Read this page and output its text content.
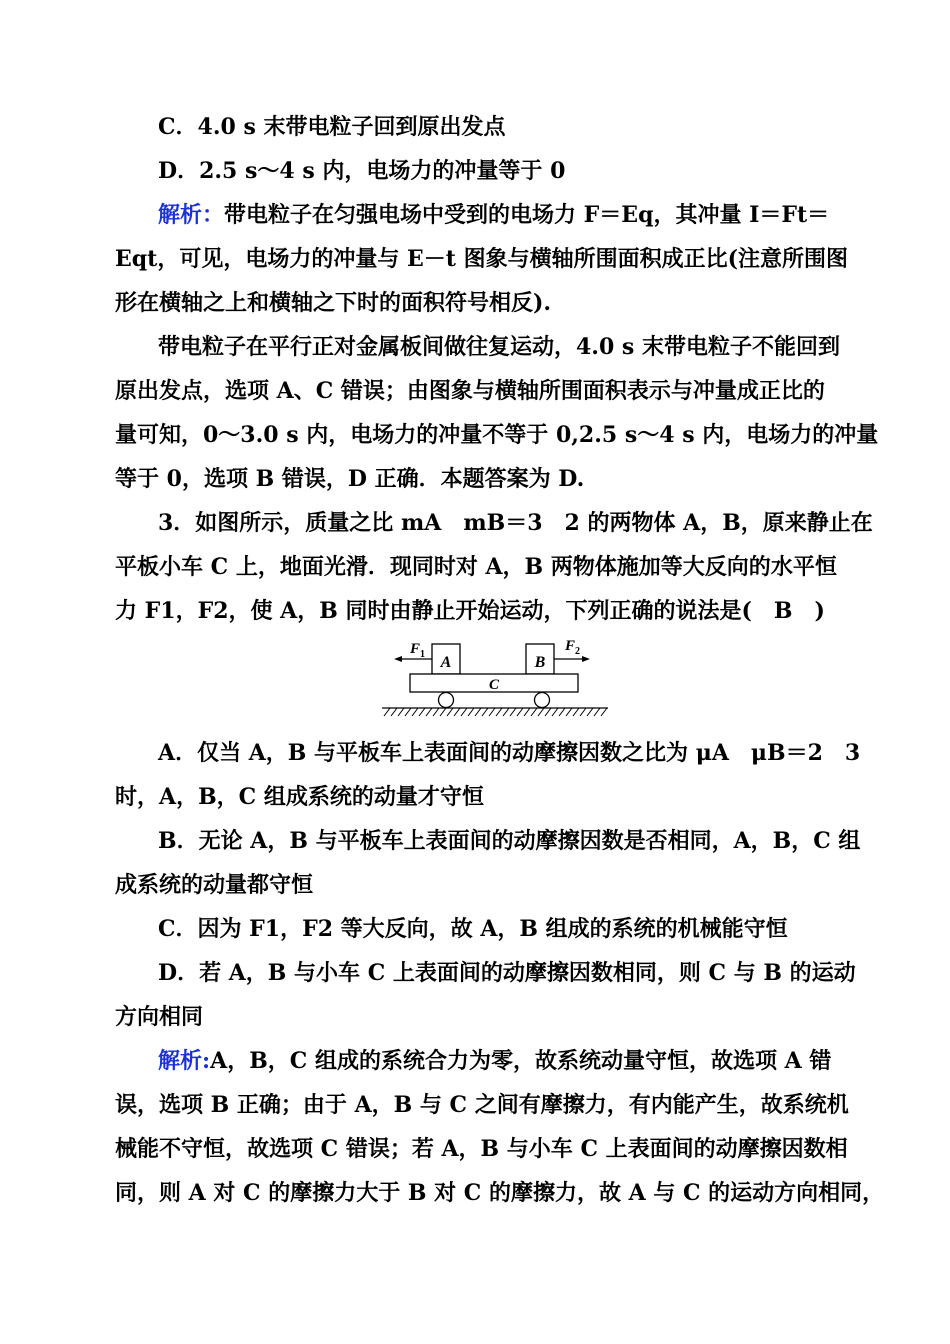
C．4.0 s 末带电粒子回到原出发点
D．2.5 s～4 s 内，电场力的冲量等于 0
解析：带电粒子在匀强电场中受到的电场力 F＝Eq，其冲量 I＝Ft＝
Eqt，可见，电场力的冲量与 E－t 图象与横轴所围面积成正比(注意所围图
形在横轴之上和横轴之下时的面积符号相反).
带电粒子在平行正对金属板间做往复运动，4.0 s 末带电粒子不能回到
原出发点，选项 A、C 错误；由图象与横轴所围面积表示与冲量成正比的
量可知，0～3.0 s 内，电场力的冲量不等于 0,2.5 s～4 s 内，电场力的冲量
等于 0，选项 B 错误，D 正确．本题答案为 D.
3．如图所示，质量之比 mA　mB＝3　2 的两物体 A，B，原来静止在
平板小车 C 上，地面光滑．现同时对 A，B 两物体施加等大反向的水平恒
力 F1，F2，使 A，B 同时由静止开始运动，下列正确的说法是(　B　)
A	B
$F_1$
$F_2$
C
A．仅当 A，B 与平板车上表面间的动摩擦因数之比为 μA　μB＝2　3
时，A，B，C 组成系统的动量才守恒
B．无论 A，B 与平板车上表面间的动摩擦因数是否相同，A，B，C 组
成系统的动量都守恒
C．因为 F1，F2 等大反向，故 A，B 组成的系统的机械能守恒
D．若 A，B 与小车 C 上表面间的动摩擦因数相同，则 C 与 B 的运动
方向相同
解析:A，B，C 组成的系统合力为零，故系统动量守恒，故选项 A 错
误，选项 B 正确；由于 A，B 与 C 之间有摩擦力，有内能产生，故系统机
械能不守恒，故选项 C 错误；若 A，B 与小车 C 上表面间的动摩擦因数相
同，则 A 对 C 的摩擦力大于 B 对 C 的摩擦力，故 A 与 C 的运动方向相同，
